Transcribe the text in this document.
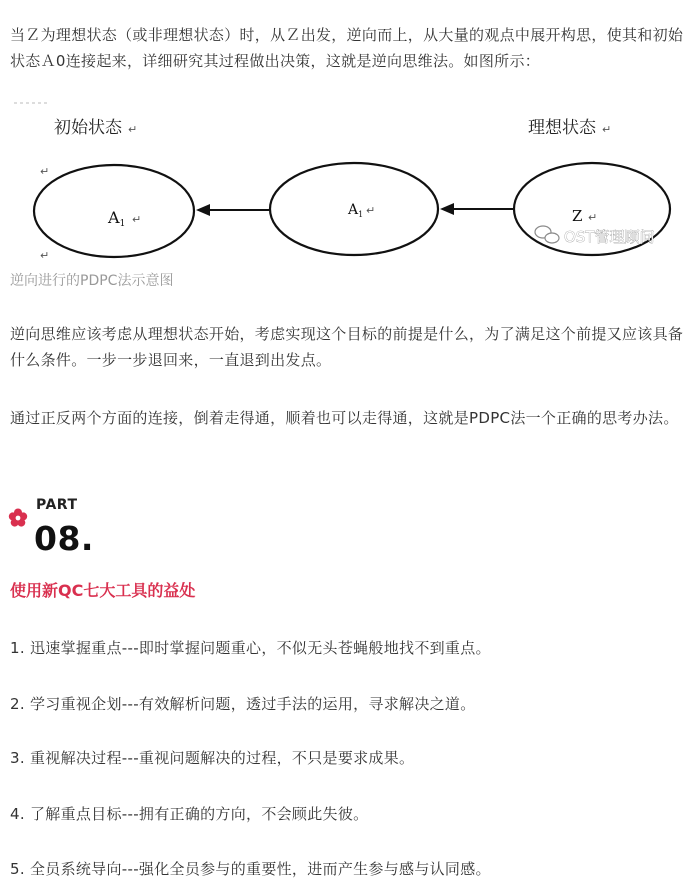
当Ｚ为理想状态（或非理想状态）时，从Ｚ出发，逆向而上，从大量的观点中展开构思，使其和初始状态Ａ0连接起来，详细研究其过程做出决策，这就是逆向思维法。如图所示：

初始状态 ↵	理想状态 ↵
↵
↵
A1 ↵
$A_1$ ↵	Z ↵
OST管理顾问

逆向进行的PDPC法示意图

逆向思维应该考虑从理想状态开始，考虑实现这个目标的前提是什么，为了满足这个前提又应该具备什么条件。一步一步退回来，一直退到出发点。

通过正反两个方面的连接，倒着走得通，顺着也可以走得通，这就是PDPC法一个正确的思考办法。

PART
08.

使用新QC七大工具的益处

1. 迅速掌握重点---即时掌握问题重心，不似无头苍蝇般地找不到重点。

2. 学习重视企划---有效解析问题，透过手法的运用，寻求解决之道。

3. 重视解决过程---重视问题解决的过程，不只是要求成果。

4. 了解重点目标---拥有正确的方向，不会顾此失彼。

5. 全员系统导向---强化全员参与的重要性，进而产生参与感与认同感。
